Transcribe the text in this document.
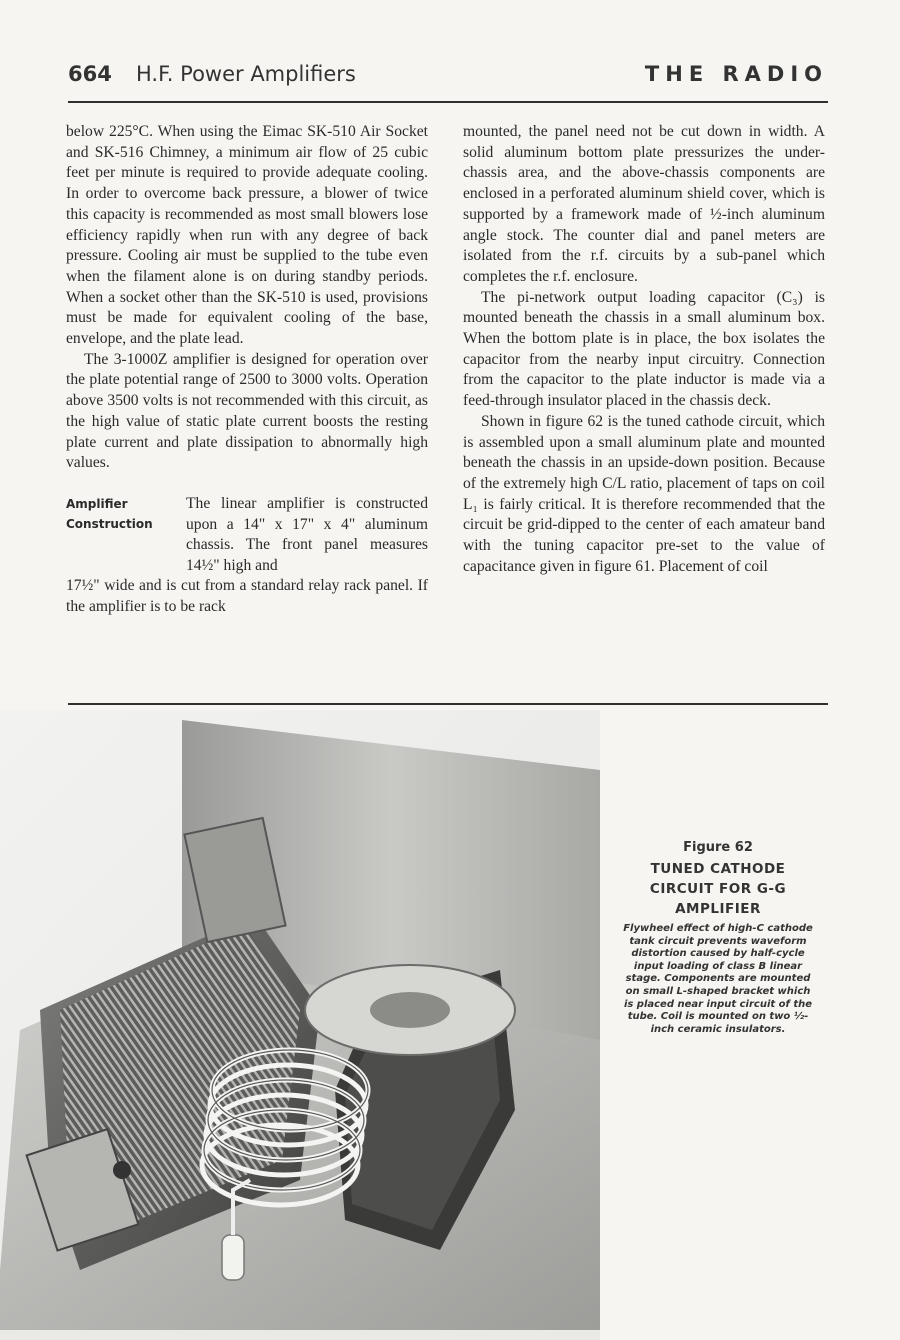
664 H.F. Power Amplifiers	THE RADIO

below 225°C. When using the Eimac SK-510 Air Socket and SK-516 Chimney, a minimum air flow of 25 cubic feet per minute is required to provide adequate cooling. In order to overcome back pressure, a blower of twice this capacity is recommended as most small blowers lose efficiency rapidly when run with any degree of back pressure. Cooling air must be supplied to the tube even when the filament alone is on during standby periods. When a socket other than the SK-510 is used, provisions must be made for equivalent cooling of the base, envelope, and the plate lead.

The 3-1000Z amplifier is designed for operation over the plate potential range of 2500 to 3000 volts. Operation above 3500 volts is not recommended with this circuit, as the high value of static plate current boosts the resting plate current and plate dissipation to abnormally high values.

Amplifier Construction
The linear amplifier is constructed upon a 14" x 17" x 4" aluminum chassis. The front panel measures 14½" high and

17½" wide and is cut from a standard relay rack panel. If the amplifier is to be rack

mounted, the panel need not be cut down in width. A solid aluminum bottom plate pressurizes the under-chassis area, and the above-chassis components are enclosed in a perforated aluminum shield cover, which is supported by a framework made of ½-inch aluminum angle stock. The counter dial and panel meters are isolated from the r.f. circuits by a sub-panel which completes the r.f. enclosure.

The pi-network output loading capacitor (C₃) is mounted beneath the chassis in a small aluminum box. When the bottom plate is in place, the box isolates the capacitor from the nearby input circuitry. Connection from the capacitor to the plate inductor is made via a feed-through insulator placed in the chassis deck.

Shown in figure 62 is the tuned cathode circuit, which is assembled upon a small aluminum plate and mounted beneath the chassis in an upside-down position. Because of the extremely high C/L ratio, placement of taps on coil L₁ is fairly critical. It is therefore recommended that the circuit be grid-dipped to the center of each amateur band with the tuning capacitor pre-set to the value of capacitance given in figure 61. Placement of coil

Figure 62
TUNED CATHODE CIRCUIT FOR G-G AMPLIFIER
Flywheel effect of high-C cathode tank circuit prevents waveform distortion caused by half-cycle input loading of class B linear stage. Components are mounted on small L-shaped bracket which is placed near input circuit of the tube. Coil is mounted on two ½-inch ceramic insulators.
